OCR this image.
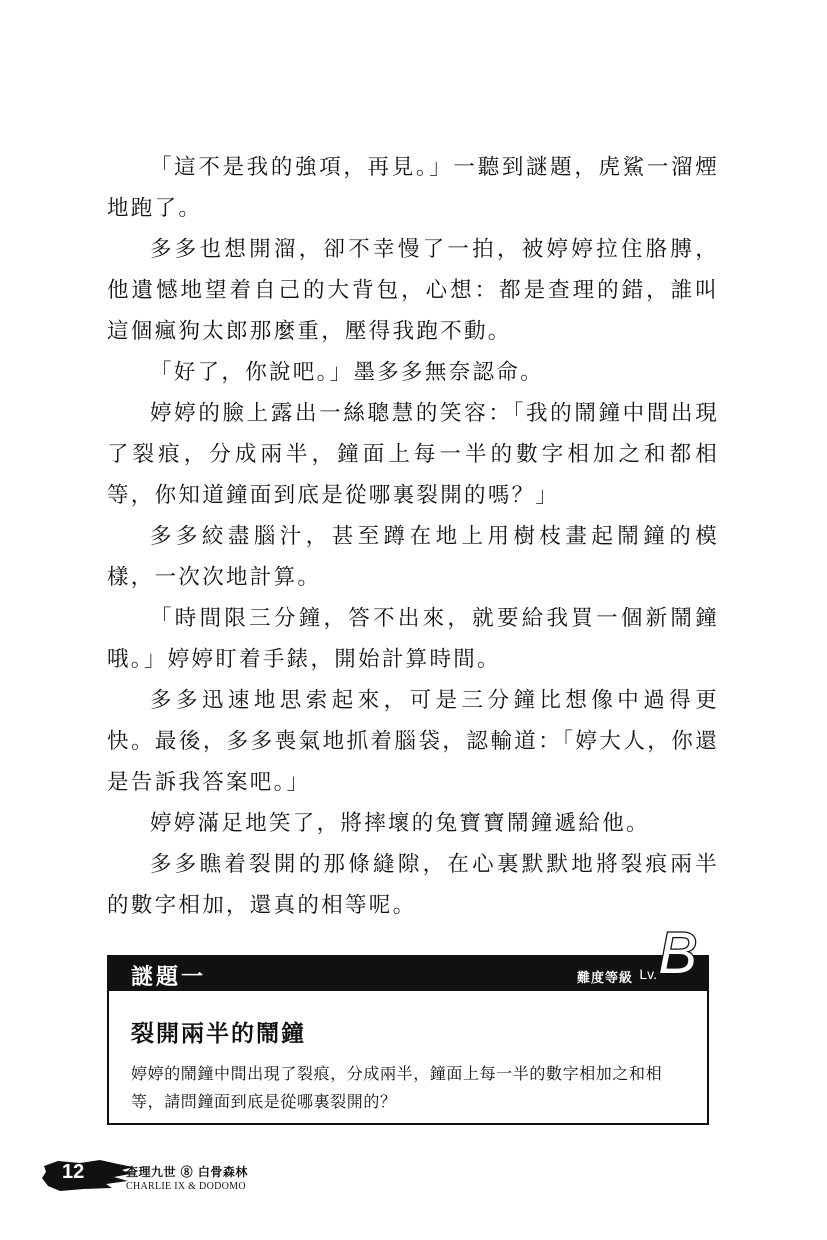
「這不是我的強項，再見。」一聽到謎題，虎鯊一溜煙地跑了。

多多也想開溜，卻不幸慢了一拍，被婷婷拉住胳膊，他遺憾地望着自己的大背包，心想：都是查理的錯，誰叫這個瘋狗太郎那麼重，壓得我跑不動。

「好了，你說吧。」墨多多無奈認命。

婷婷的臉上露出一絲聰慧的笑容：「我的鬧鐘中間出現了裂痕，分成兩半，鐘面上每一半的數字相加之和都相等，你知道鐘面到底是從哪裏裂開的嗎？」

多多絞盡腦汁，甚至蹲在地上用樹枝畫起鬧鐘的模樣，一次次地計算。

「時間限三分鐘，答不出來，就要給我買一個新鬧鐘哦。」婷婷盯着手錶，開始計算時間。

多多迅速地思索起來，可是三分鐘比想像中過得更快。最後，多多喪氣地抓着腦袋，認輸道：「婷大人，你還是告訴我答案吧。」

婷婷滿足地笑了，將摔壞的兔寶寶鬧鐘遞給他。

多多瞧着裂開的那條縫隙，在心裏默默地將裂痕兩半的數字相加，還真的相等呢。

謎題一	難度等級 Lv. B
裂開兩半的鬧鐘
婷婷的鬧鐘中間出現了裂痕，分成兩半，鐘面上每一半的數字相加之和相等，請問鐘面到底是從哪裏裂開的？
12	查理九世 ⑧ 白骨森林
CHARLIE IX & DODOMO
